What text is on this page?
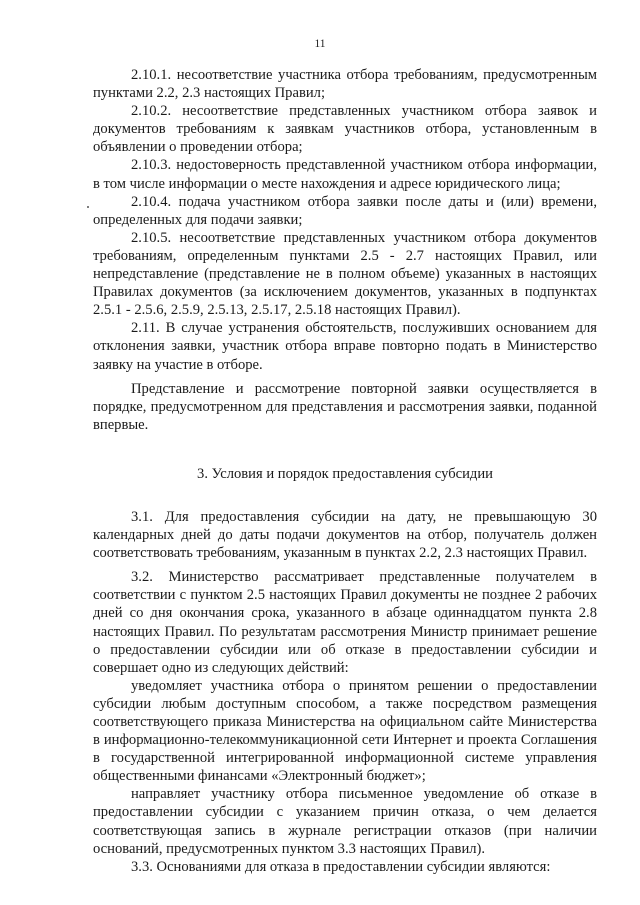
11

2.10.1. несоответствие участника отбора требованиям, предусмотренным пунктами 2.2, 2.3 настоящих Правил;

2.10.2. несоответствие представленных участником отбора заявок и документов требованиям к заявкам участников отбора, установленным в объявлении о проведении отбора;

2.10.3. недостоверность представленной участником отбора информации, в том числе информации о месте нахождения и адресе юридического лица;

2.10.4. подача участником отбора заявки после даты и (или) времени, определенных для подачи заявки;

2.10.5. несоответствие представленных участником отбора документов требованиям, определенным пунктами 2.5 - 2.7 настоящих Правил, или непредставление (представление не в полном объеме) указанных в настоящих Правилах документов (за исключением документов, указанных в подпунктах 2.5.1 - 2.5.6, 2.5.9, 2.5.13, 2.5.17, 2.5.18 настоящих Правил).

2.11. В случае устранения обстоятельств, послуживших основанием для отклонения заявки, участник отбора вправе повторно подать в Министерство заявку на участие в отборе.

Представление и рассмотрение повторной заявки осуществляется в порядке, предусмотренном для представления и рассмотрения заявки, поданной впервые.

3. Условия и порядок предоставления субсидии

3.1. Для предоставления субсидии на дату, не превышающую 30 календарных дней до даты подачи документов на отбор, получатель должен соответствовать требованиям, указанным в пунктах 2.2, 2.3 настоящих Правил.

3.2. Министерство рассматривает представленные получателем в соответствии с пунктом 2.5 настоящих Правил документы не позднее 2 рабочих дней со дня окончания срока, указанного в абзаце одиннадцатом пункта 2.8 настоящих Правил. По результатам рассмотрения Министр принимает решение о предоставлении субсидии или об отказе в предоставлении субсидии и совершает одно из следующих действий:

уведомляет участника отбора о принятом решении о предоставлении субсидии любым доступным способом, а также посредством размещения соответствующего приказа Министерства на официальном сайте Министерства в информационно-телекоммуникационной сети Интернет и проекта Соглашения в государственной интегрированной информационной системе управления общественными финансами «Электронный бюджет»;

направляет участнику отбора письменное уведомление об отказе в предоставлении субсидии с указанием причин отказа, о чем делается соответствующая запись в журнале регистрации отказов (при наличии оснований, предусмотренных пунктом 3.3 настоящих Правил).

3.3. Основаниями для отказа в предоставлении субсидии являются:
